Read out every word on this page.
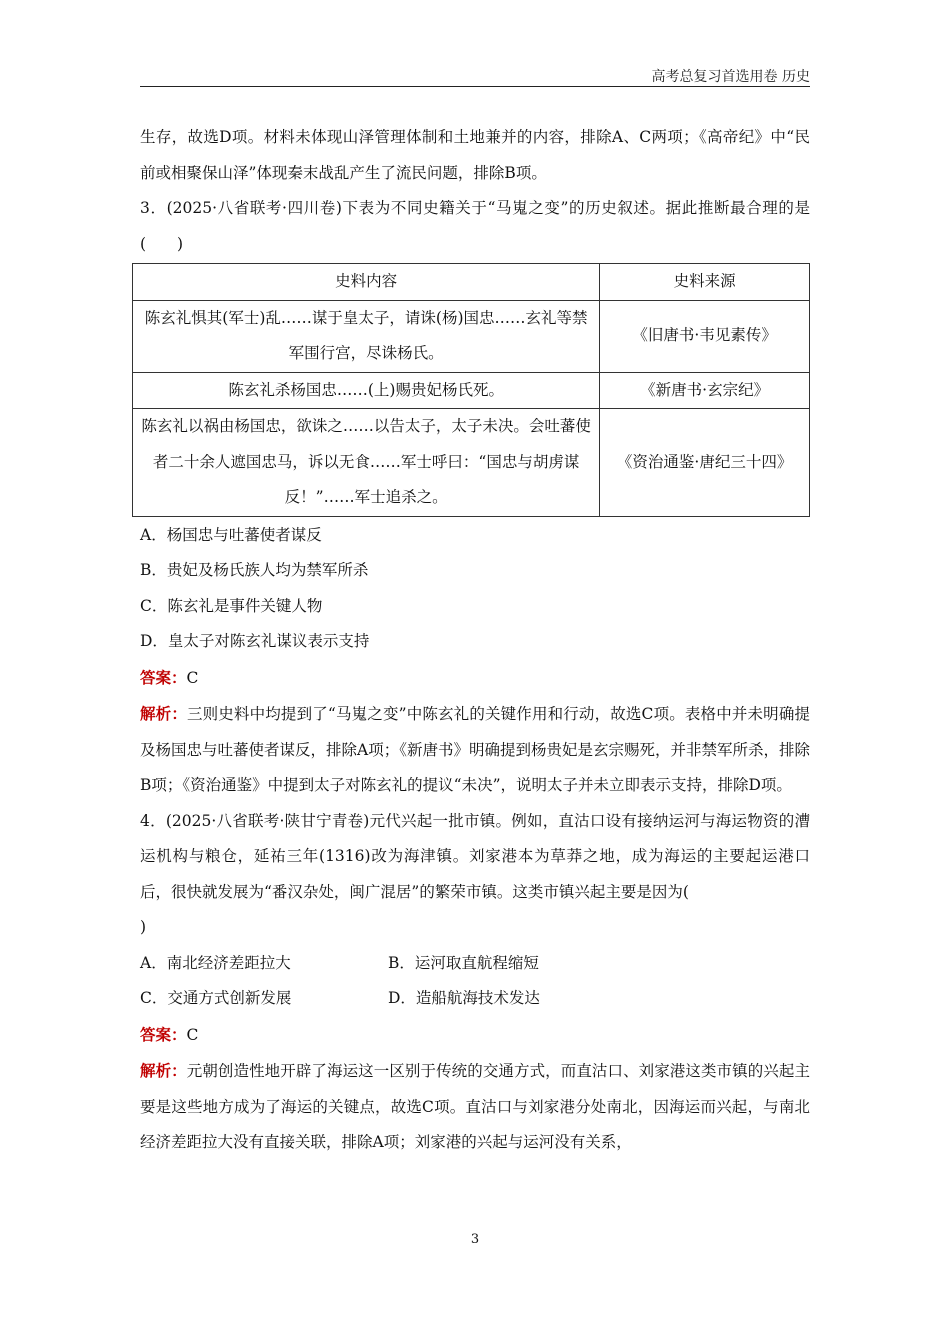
高考总复习首选用卷 历史

生存，故选D项。材料未体现山泽管理体制和土地兼并的内容，排除A、C两项；《高帝纪》中“民前或相聚保山泽”体现秦末战乱产生了流民问题，排除B项。

3．(2025·八省联考·四川卷)下表为不同史籍关于“马嵬之变”的历史叙述。据此推断最合理的是(　　)

史料内容	史料来源
陈玄礼惧其(军士)乱……谋于皇太子，请诛(杨)国忠……玄礼等禁军围行宫，尽诛杨氏。	《旧唐书·韦见素传》
陈玄礼杀杨国忠……(上)赐贵妃杨氏死。	《新唐书·玄宗纪》
陈玄礼以祸由杨国忠，欲诛之……以告太子，太子未决。会吐蕃使者二十余人遮国忠马，诉以无食……军士呼曰：“国忠与胡虏谋反！”……军士追杀之。	《资治通鉴·唐纪三十四》

A．杨国忠与吐蕃使者谋反

B．贵妃及杨氏族人均为禁军所杀

C．陈玄礼是事件关键人物

D．皇太子对陈玄礼谋议表示支持

答案：C

解析：三则史料中均提到了“马嵬之变”中陈玄礼的关键作用和行动，故选C项。表格中并未明确提及杨国忠与吐蕃使者谋反，排除A项；《新唐书》明确提到杨贵妃是玄宗赐死，并非禁军所杀，排除B项；《资治通鉴》中提到太子对陈玄礼的提议“未决”，说明太子并未立即表示支持，排除D项。

4．(2025·八省联考·陕甘宁青卷)元代兴起一批市镇。例如，直沽口设有接纳运河与海运物资的漕运机构与粮仓，延祐三年(1316)改为海津镇。刘家港本为草莽之地，成为海运的主要起运港口后，很快就发展为“番汉杂处，闽广混居”的繁荣市镇。这类市镇兴起主要是因为(

)

A．南北经济差距拉大	B．运河取直航程缩短
C．交通方式创新发展	D．造船航海技术发达

答案：C

解析：元朝创造性地开辟了海运这一区别于传统的交通方式，而直沽口、刘家港这类市镇的兴起主要是这些地方成为了海运的关键点，故选C项。直沽口与刘家港分处南北，因海运而兴起，与南北经济差距拉大没有直接关联，排除A项；刘家港的兴起与运河没有关系，

3
